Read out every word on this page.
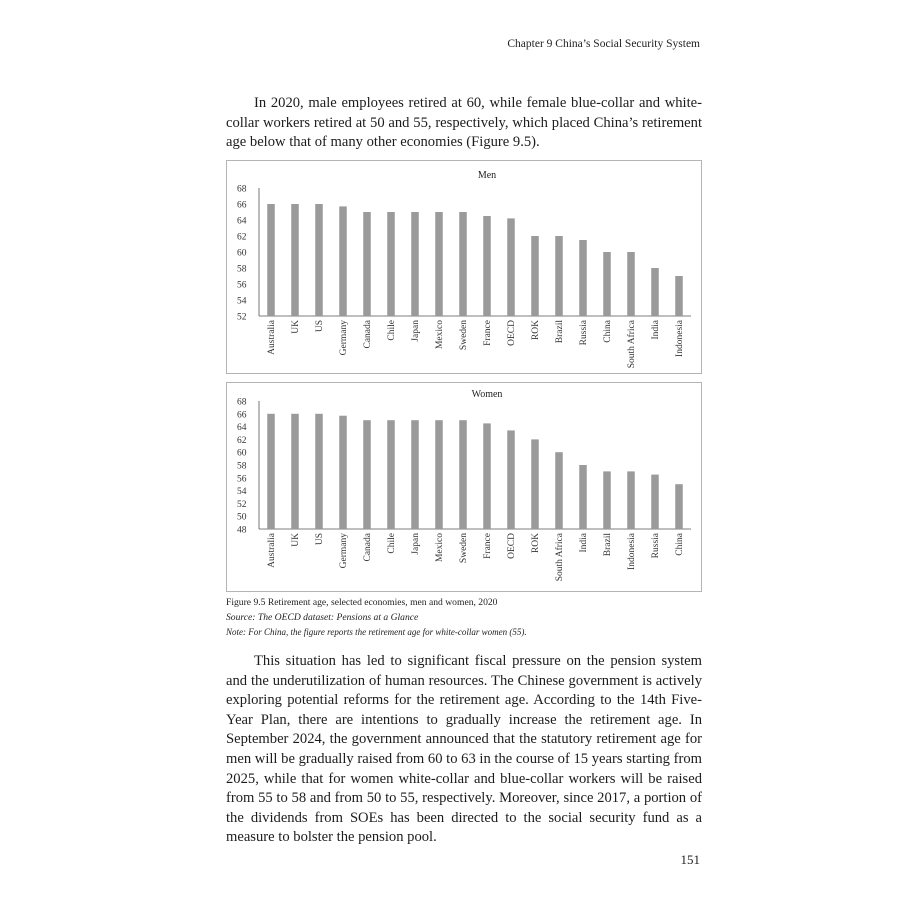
Chapter 9 China’s Social Security System

In 2020, male employees retired at 60, while female blue-collar and white-collar workers retired at 50 and 55, respectively, which placed China’s retirement age below that of many other economies (Figure 9.5).

Men
52
54
56
58
60
62
64
66
68
Australia UK US Germany Canada Chile Japan Mexico Sweden France OECD ROK Brazil Russia China South Africa India Indonesia
Women
48
50
52
54
56
58
60
62
64
66
68
Australia UK US Germany Canada Chile Japan Mexico Sweden France OECD ROK South Africa India Brazil Indonesia Russia China

Figure 9.5 Retirement age, selected economies, men and women, 2020

Source: The OECD dataset: Pensions at a Glance

Note: For China, the figure reports the retirement age for white-collar women (55).

This situation has led to significant fiscal pressure on the pension system and the underutilization of human resources. The Chinese government is actively exploring potential reforms for the retirement age. According to the 14th Five-Year Plan, there are intentions to gradually increase the retirement age. In September 2024, the government announced that the statutory retirement age for men will be gradually raised from 60 to 63 in the course of 15 years starting from 2025, while that for women white-collar and blue-collar workers will be raised from 55 to 58 and from 50 to 55, respectively. Moreover, since 2017, a portion of the dividends from SOEs has been directed to the social security fund as a measure to bolster the pension pool.

151
